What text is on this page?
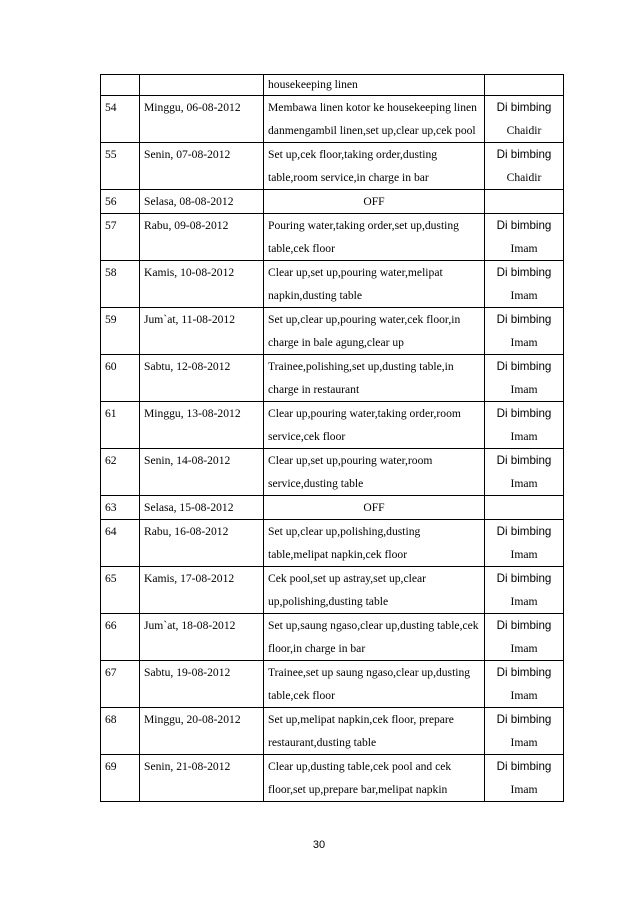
		housekeeping linen	
54	Minggu, 06-08-2012	Membawa linen kotor ke housekeeping linen danmengambil linen,set up,clear up,cek pool	Di bimbing
Chaidir

55	Senin, 07-08-2012	Set up,cek floor,taking order,dusting table,room service,in charge in bar	Di bimbing
Chaidir

56	Selasa, 08-08-2012	OFF	

57	Rabu, 09-08-2012	Pouring water,taking order,set up,dusting table,cek floor	Di bimbing
Imam

58	Kamis, 10-08-2012	Clear up,set up,pouring water,melipat napkin,dusting table	Di bimbing
Imam

59	Jum`at, 11-08-2012	Set up,clear up,pouring water,cek floor,in charge in bale agung,clear up	Di bimbing
Imam

60	Sabtu, 12-08-2012	Trainee,polishing,set up,dusting table,in charge in restaurant	Di bimbing
Imam

61	Minggu, 13-08-2012	Clear up,pouring water,taking order,room service,cek floor	Di bimbing
Imam

62	Senin, 14-08-2012	Clear up,set up,pouring water,room service,dusting table	Di bimbing
Imam

63	Selasa, 15-08-2012	OFF	

64	Rabu, 16-08-2012	Set up,clear up,polishing,dusting table,melipat napkin,cek floor	Di bimbing
Imam

65	Kamis, 17-08-2012	Cek pool,set up astray,set up,clear up,polishing,dusting table	Di bimbing
Imam

66	Jum`at, 18-08-2012	Set up,saung ngaso,clear up,dusting table,cek floor,in charge in bar	Di bimbing
Imam

67	Sabtu, 19-08-2012	Trainee,set up saung ngaso,clear up,dusting table,cek floor	Di bimbing
Imam

68	Minggu, 20-08-2012	Set up,melipat napkin,cek floor, prepare restaurant,dusting table	Di bimbing
Imam

69	Senin, 21-08-2012	Clear up,dusting table,cek pool and cek floor,set up,prepare bar,melipat napkin	Di bimbing
Imam
30
